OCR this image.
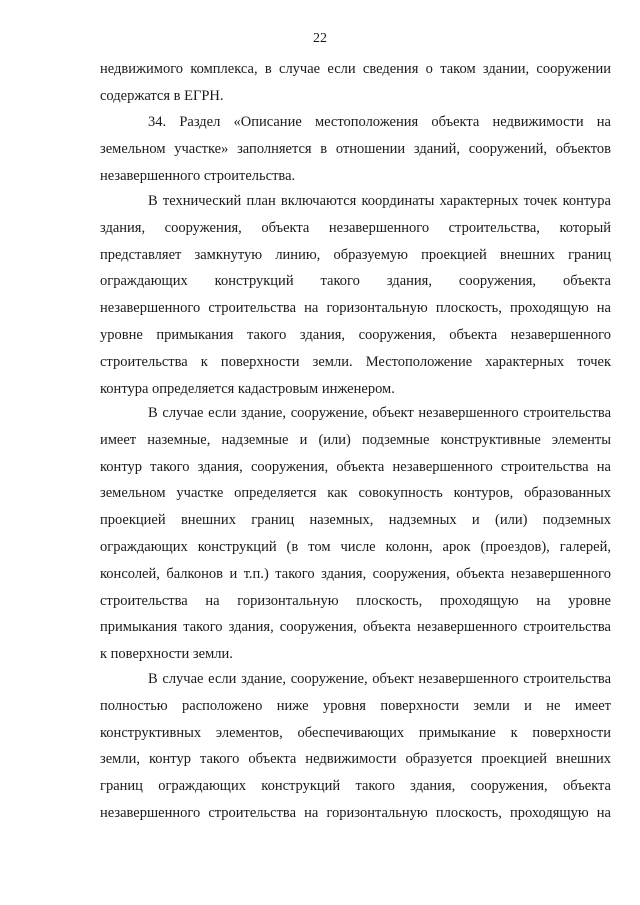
22
недвижимого комплекса, в случае если сведения о таком здании, сооружении
содержатся в ЕГРН.
34. Раздел «Описание местоположения объекта недвижимости на
земельном участке» заполняется в отношении зданий, сооружений, объектов
незавершенного строительства.
В технический план включаются координаты характерных точек контура
здания, сооружения, объекта незавершенного строительства, который
представляет замкнутую линию, образуемую проекцией внешних границ
ограждающих конструкций такого здания, сооружения, объекта
незавершенного строительства на горизонтальную плоскость, проходящую на
уровне примыкания такого здания, сооружения, объекта незавершенного
строительства к поверхности земли. Местоположение характерных точек
контура определяется кадастровым инженером.
В случае если здание, сооружение, объект незавершенного строительства
имеет наземные, надземные и (или) подземные конструктивные элементы
контур такого здания, сооружения, объекта незавершенного строительства на
земельном участке определяется как совокупность контуров, образованных
проекцией внешних границ наземных, надземных и (или) подземных
ограждающих конструкций (в том числе колонн, арок (проездов), галерей,
консолей, балконов и т.п.) такого здания, сооружения, объекта незавершенного
строительства на горизонтальную плоскость, проходящую на уровне
примыкания такого здания, сооружения, объекта незавершенного строительства
к поверхности земли.
В случае если здание, сооружение, объект незавершенного строительства
полностью расположено ниже уровня поверхности земли и не имеет
конструктивных элементов, обеспечивающих примыкание к поверхности
земли, контур такого объекта недвижимости образуется проекцией внешних
границ ограждающих конструкций такого здания, сооружения, объекта
незавершенного строительства на горизонтальную плоскость, проходящую на
